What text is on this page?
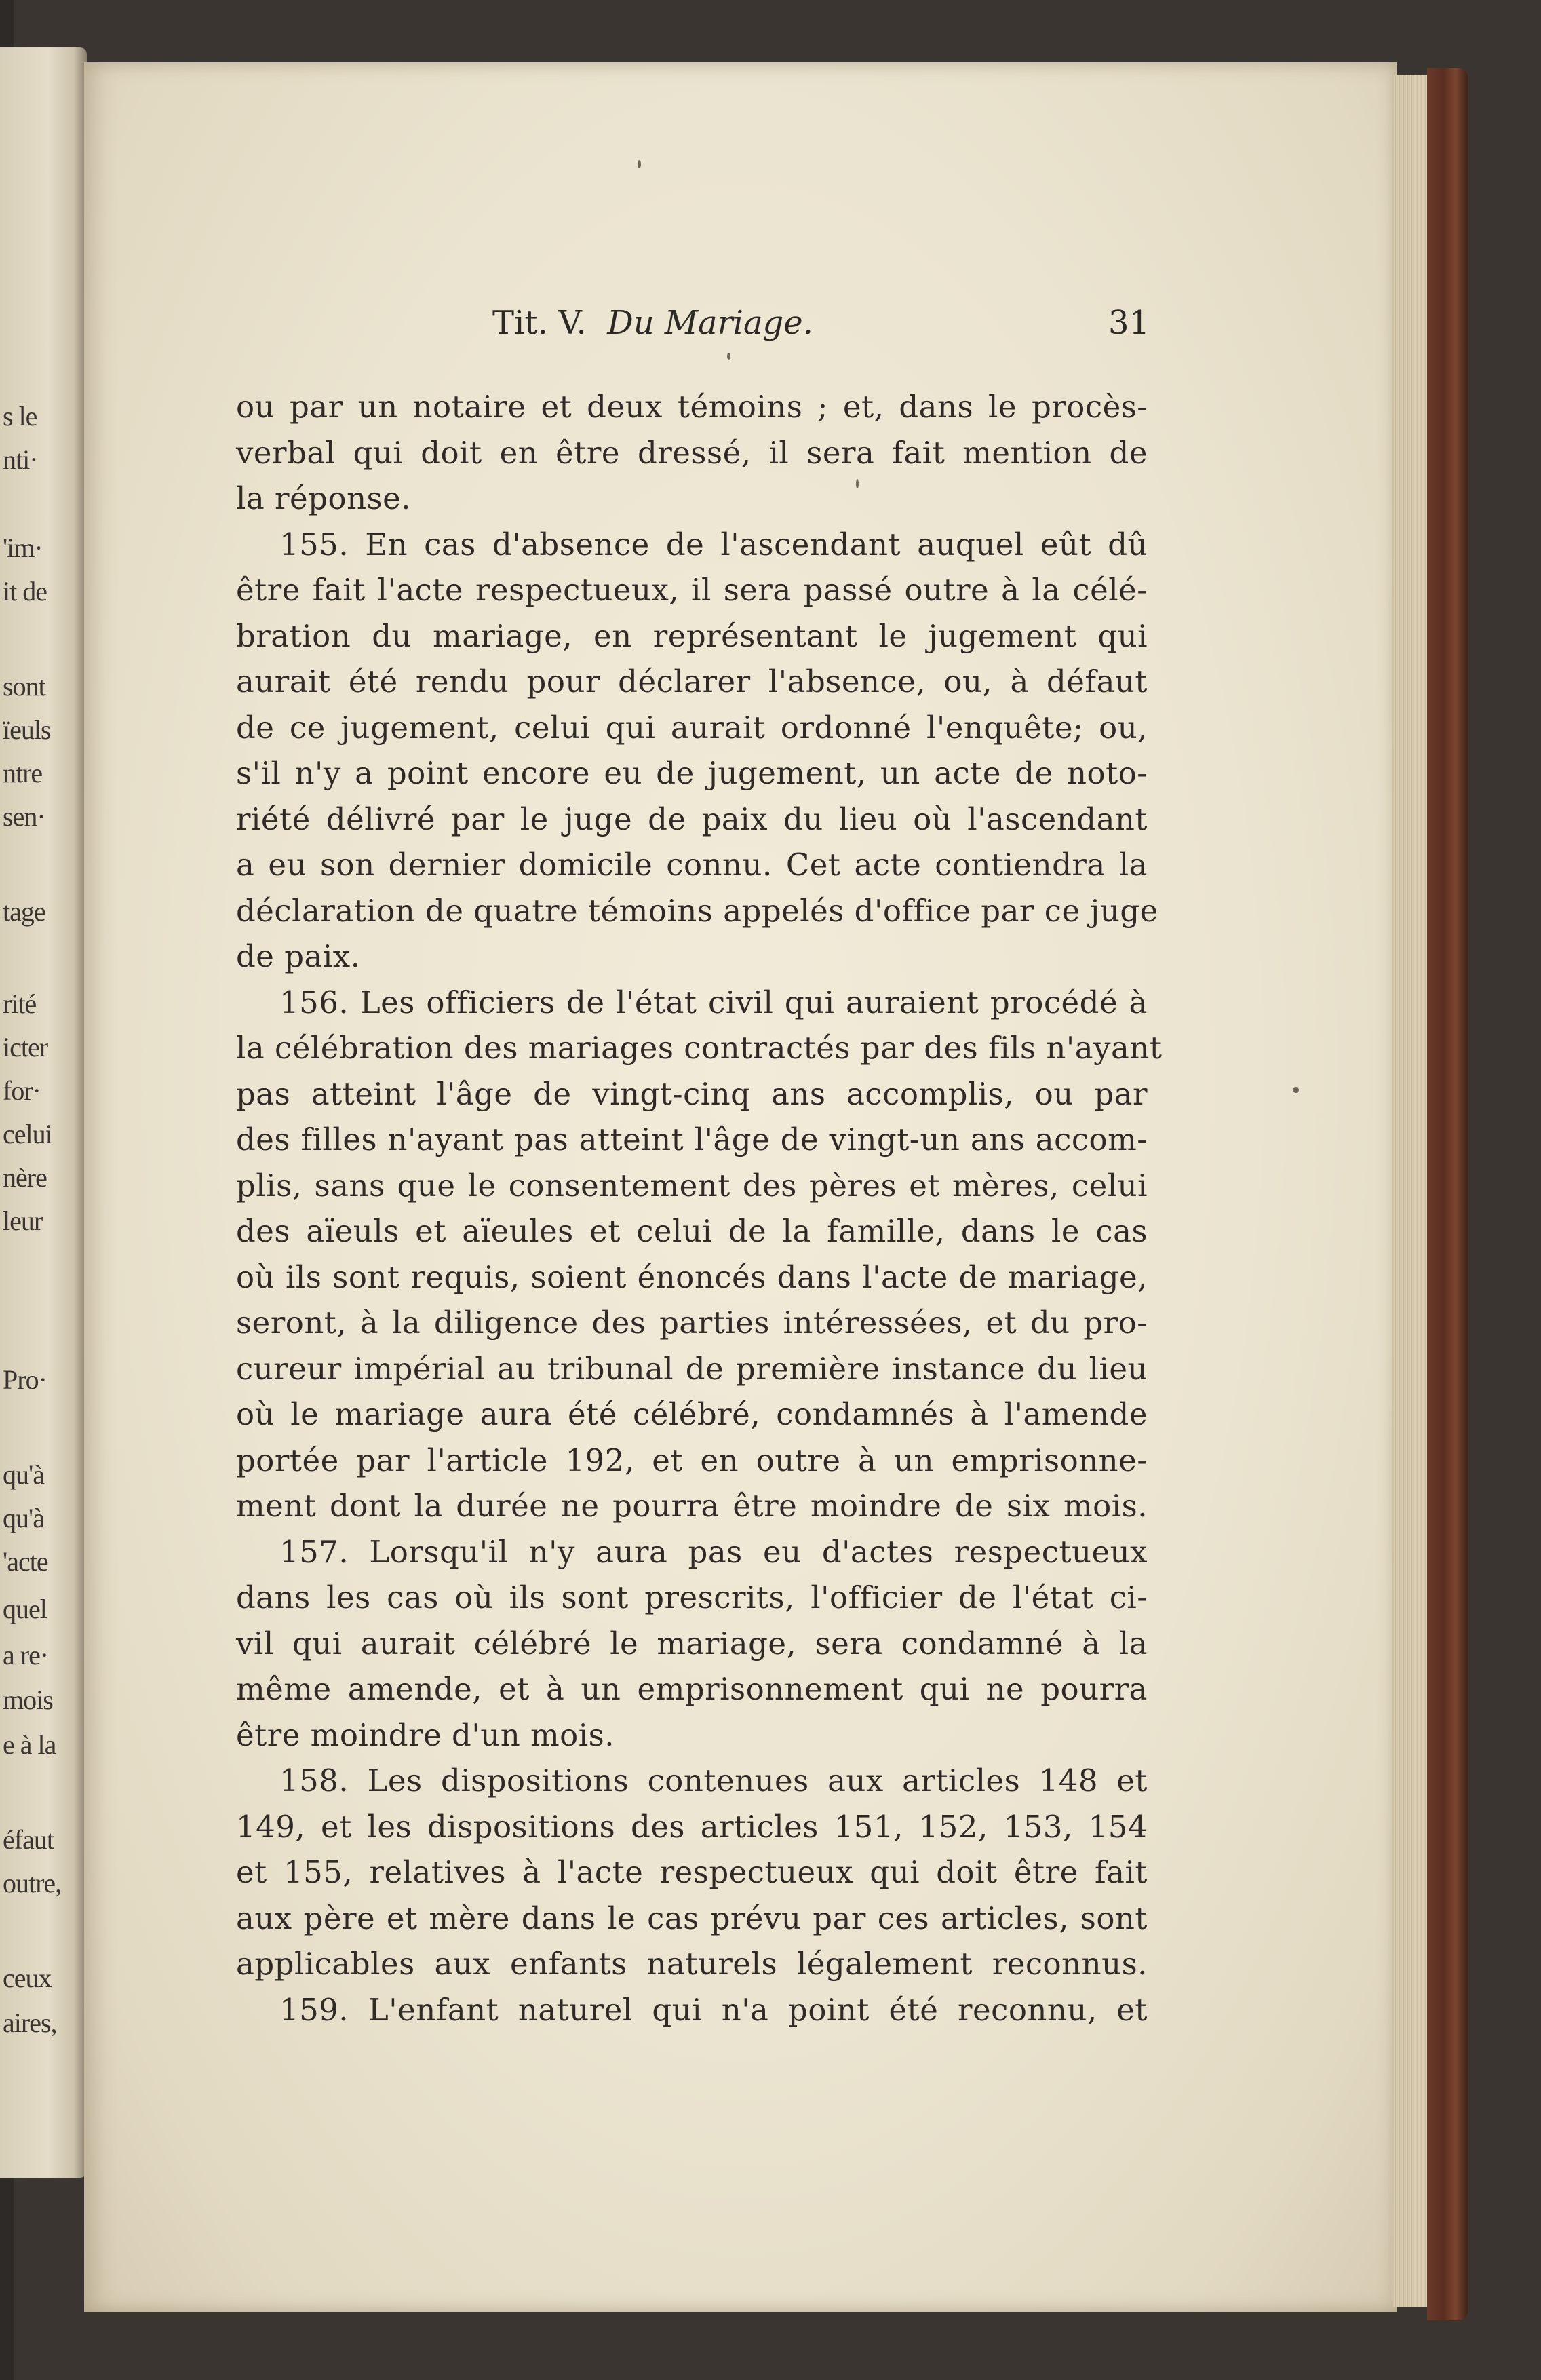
s le
nti·
'im·
it de
sont
ïeuls
ntre
sen·
tage
rité
icter
for·
celui
nère
leur
Pro·
qu'à
qu'à
'acte
quel
a re·
mois
e à la
éfaut
outre,
ceux
aires,
Tit. V. Du Mariage.	31
ou par un notaire et deux témoins ; et, dans le procès-
verbal qui doit en être dressé, il sera fait mention de
la réponse.
155. En cas d'absence de l'ascendant auquel eût dû
être fait l'acte respectueux, il sera passé outre à la célé-
bration du mariage, en représentant le jugement qui
aurait été rendu pour déclarer l'absence, ou, à défaut
de ce jugement, celui qui aurait ordonné l'enquête; ou,
s'il n'y a point encore eu de jugement, un acte de noto-
riété délivré par le juge de paix du lieu où l'ascendant
a eu son dernier domicile connu. Cet acte contiendra la
déclaration de quatre témoins appelés d'office par ce juge
de paix.
156. Les officiers de l'état civil qui auraient procédé à
la célébration des mariages contractés par des fils n'ayant
pas atteint l'âge de vingt-cinq ans accomplis, ou par
des filles n'ayant pas atteint l'âge de vingt-un ans accom-
plis, sans que le consentement des pères et mères, celui
des aïeuls et aïeules et celui de la famille, dans le cas
où ils sont requis, soient énoncés dans l'acte de mariage,
seront, à la diligence des parties intéressées, et du pro-
cureur impérial au tribunal de première instance du lieu
où le mariage aura été célébré, condamnés à l'amende
portée par l'article 192, et en outre à un emprisonne-
ment dont la durée ne pourra être moindre de six mois.
157. Lorsqu'il n'y aura pas eu d'actes respectueux
dans les cas où ils sont prescrits, l'officier de l'état ci-
vil qui aurait célébré le mariage, sera condamné à la
même amende, et à un emprisonnement qui ne pourra
être moindre d'un mois.
158. Les dispositions contenues aux articles 148 et
149, et les dispositions des articles 151, 152, 153, 154
et 155, relatives à l'acte respectueux qui doit être fait
aux père et mère dans le cas prévu par ces articles, sont
applicables aux enfants naturels légalement reconnus.
159. L'enfant naturel qui n'a point été reconnu, et
